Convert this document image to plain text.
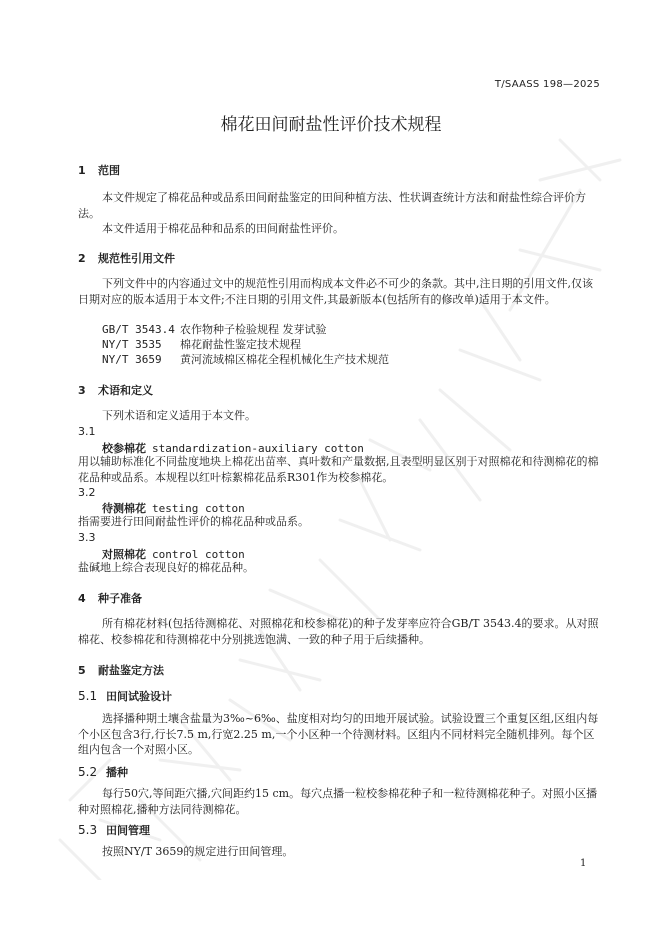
T/SAASS 198—2025
棉花田间耐盐性评价技术规程
1 范围
本文件规定了棉花品种或品系田间耐盐鉴定的田间种植方法、性状调查统计方法和耐盐性综合评价方法。
本文件适用于棉花品种和品系的田间耐盐性评价。
2 规范性引用文件
下列文件中的内容通过文中的规范性引用而构成本文件必不可少的条款。其中,注日期的引用文件,仅该日期对应的版本适用于本文件;不注日期的引用文件,其最新版本(包括所有的修改单)适用于本文件。
GB/T 3543.4 农作物种子检验规程 发芽试验
NY/T 3535 棉花耐盐性鉴定技术规程
NY/T 3659 黄河流域棉区棉花全程机械化生产技术规范
3 术语和定义
下列术语和定义适用于本文件。
3.1
校参棉花 standardization-auxiliary cotton
用以辅助标准化不同盐度地块上棉花出苗率、真叶数和产量数据,且表型明显区别于对照棉花和待测棉花的棉花品种或品系。本规程以红叶棕絮棉花品系R301作为校参棉花。
3.2
待测棉花 testing cotton
指需要进行田间耐盐性评价的棉花品种或品系。
3.3
对照棉花 control cotton
盐碱地上综合表现良好的棉花品种。
4 种子准备
所有棉花材料(包括待测棉花、对照棉花和校参棉花)的种子发芽率应符合GB/T 3543.4的要求。从对照棉花、校参棉花和待测棉花中分别挑选饱满、一致的种子用于后续播种。
5 耐盐鉴定方法
5.1 田间试验设计
选择播种期土壤含盐量为3‰~6‰、盐度相对均匀的田地开展试验。试验设置三个重复区组,区组内每个小区包含3行,行长7.5 m,行宽2.25 m,一个小区种一个待测材料。区组内不同材料完全随机排列。每个区组内包含一个对照小区。
5.2 播种
每行50穴,等间距穴播,穴间距约15 cm。每穴点播一粒校参棉花种子和一粒待测棉花种子。对照小区播种对照棉花,播种方法同待测棉花。
5.3 田间管理
按照NY/T 3659的规定进行田间管理。
1
